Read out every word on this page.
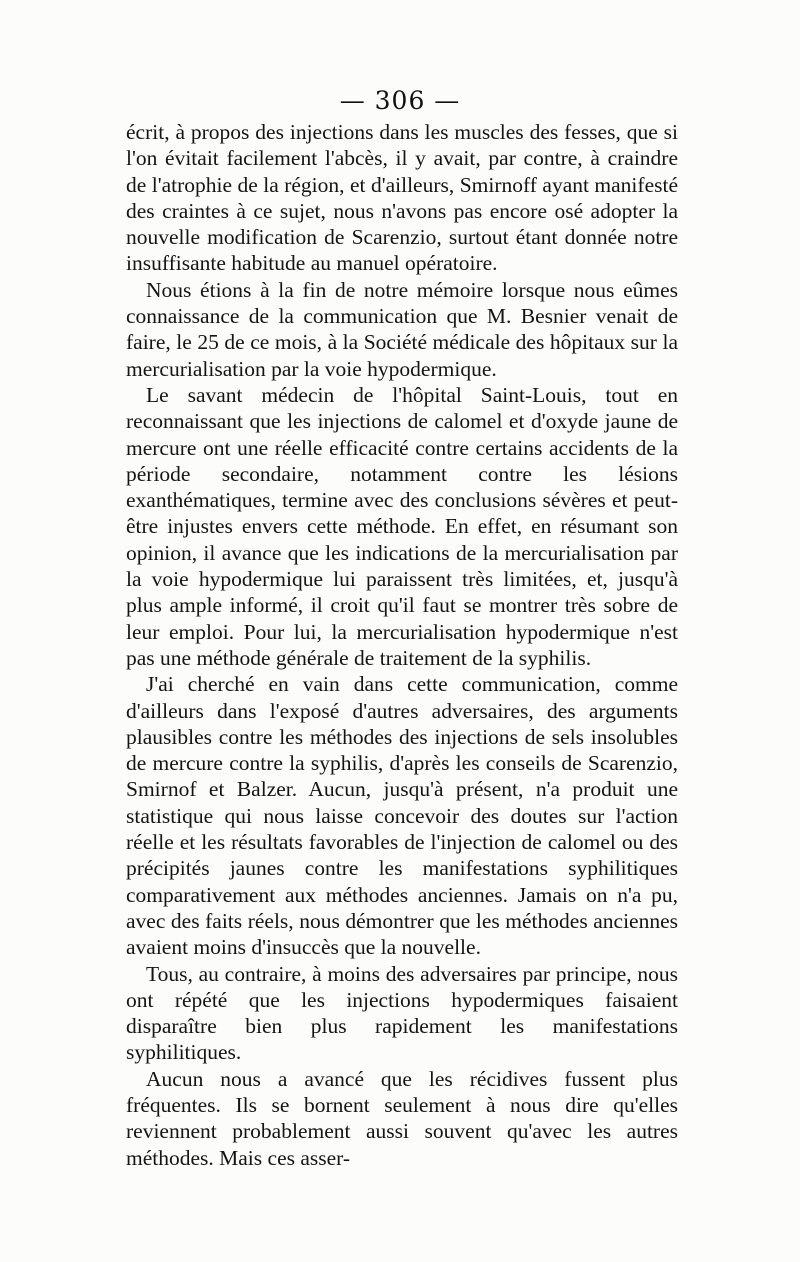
— 306 —

écrit, à propos des injections dans les muscles des fesses, que si l'on évitait facilement l'abcès, il y avait, par contre, à craindre de l'atrophie de la région, et d'ailleurs, Smirnoff ayant manifesté des craintes à ce sujet, nous n'avons pas encore osé adopter la nouvelle modification de Scarenzio, surtout étant donnée notre insuffisante habitude au manuel opératoire.

Nous étions à la fin de notre mémoire lorsque nous eûmes connaissance de la communication que M. Besnier venait de faire, le 25 de ce mois, à la Société médicale des hôpitaux sur la mercurialisation par la voie hypodermique.

Le savant médecin de l'hôpital Saint-Louis, tout en reconnaissant que les injections de calomel et d'oxyde jaune de mercure ont une réelle efficacité contre certains accidents de la période secondaire, notamment contre les lésions exanthématiques, termine avec des conclusions sévères et peut-être injustes envers cette méthode. En effet, en résumant son opinion, il avance que les indications de la mercurialisation par la voie hypodermique lui paraissent très limitées, et, jusqu'à plus ample informé, il croit qu'il faut se montrer très sobre de leur emploi. Pour lui, la mercurialisation hypodermique n'est pas une méthode générale de traitement de la syphilis.

J'ai cherché en vain dans cette communication, comme d'ailleurs dans l'exposé d'autres adversaires, des arguments plausibles contre les méthodes des injections de sels insolubles de mercure contre la syphilis, d'après les conseils de Scarenzio, Smirnof et Balzer. Aucun, jusqu'à présent, n'a produit une statistique qui nous laisse concevoir des doutes sur l'action réelle et les résultats favorables de l'injection de calomel ou des précipités jaunes contre les manifestations syphilitiques comparativement aux méthodes anciennes. Jamais on n'a pu, avec des faits réels, nous démontrer que les méthodes anciennes avaient moins d'insuccès que la nouvelle.

Tous, au contraire, à moins des adversaires par principe, nous ont répété que les injections hypodermiques faisaient disparaître bien plus rapidement les manifestations syphilitiques.

Aucun nous a avancé que les récidives fussent plus fréquentes. Ils se bornent seulement à nous dire qu'elles reviennent probablement aussi souvent qu'avec les autres méthodes. Mais ces asser-
